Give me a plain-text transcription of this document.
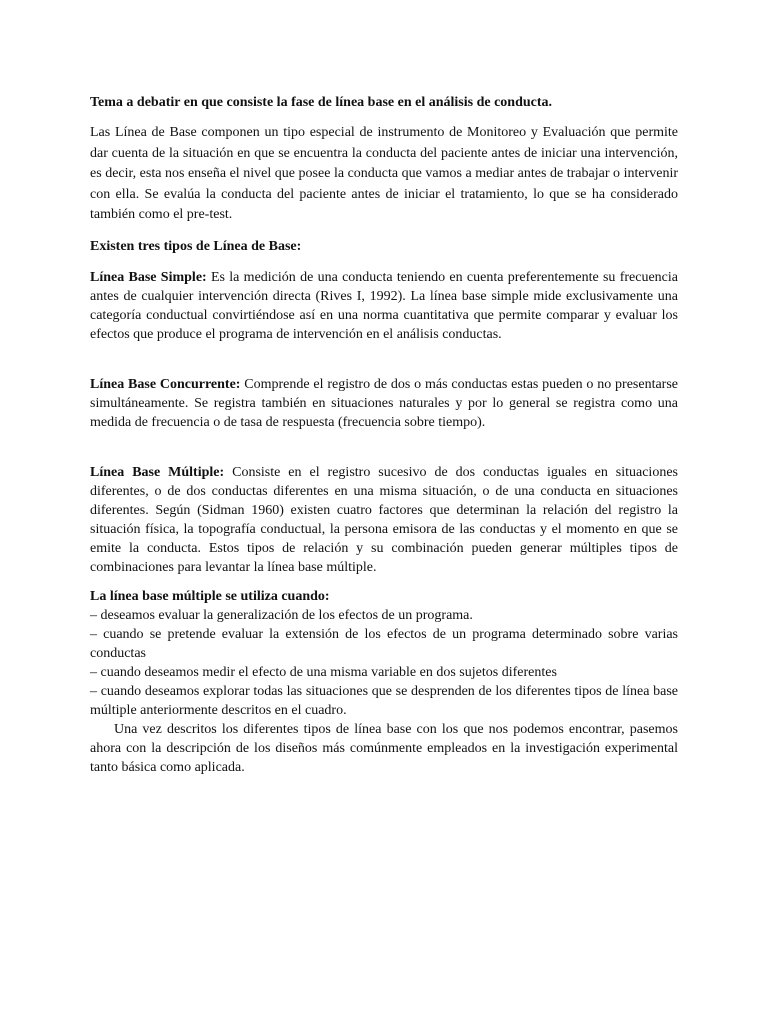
Tema a debatir en que consiste la fase de línea base en el análisis de conducta.

Las Línea de Base componen un tipo especial de instrumento de Monitoreo y Evaluación que permite dar cuenta de la situación en que se encuentra la conducta del paciente antes de iniciar una intervención, es decir, esta nos enseña el nivel que posee la conducta que vamos a mediar antes de trabajar o intervenir con ella. Se evalúa la conducta del paciente antes de iniciar el tratamiento, lo que se ha considerado también como el pre-test.

Existen tres tipos de Línea de Base:

Línea Base Simple: Es la medición de una conducta teniendo en cuenta preferentemente su frecuencia antes de cualquier intervención directa (Rives I, 1992). La línea base simple mide exclusivamente una categoría conductual convirtiéndose así en una norma cuantitativa que permite comparar y evaluar los efectos que produce el programa de intervención en el análisis conductas.

Línea Base Concurrente: Comprende el registro de dos o más conductas estas pueden o no presentarse simultáneamente. Se registra también en situaciones naturales y por lo general se registra como una medida de frecuencia o de tasa de respuesta (frecuencia sobre tiempo).

Línea Base Múltiple: Consiste en el registro sucesivo de dos conductas iguales en situaciones diferentes, o de dos conductas diferentes en una misma situación, o de una conducta en situaciones diferentes. Según (Sidman 1960) existen cuatro factores que determinan la relación del registro la situación física, la topografía conductual, la persona emisora de las conductas y el momento en que se emite la conducta. Estos tipos de relación y su combinación pueden generar múltiples tipos de combinaciones para levantar la línea base múltiple.

La línea base múltiple se utiliza cuando:

– deseamos evaluar la generalización de los efectos de un programa.

– cuando se pretende evaluar la extensión de los efectos de un programa determinado sobre varias conductas

– cuando deseamos medir el efecto de una misma variable en dos sujetos diferentes

– cuando deseamos explorar todas las situaciones que se desprenden de los diferentes tipos de línea base múltiple anteriormente descritos en el cuadro.

Una vez descritos los diferentes tipos de línea base con los que nos podemos encontrar, pasemos ahora con la descripción de los diseños más comúnmente empleados en la investigación experimental tanto básica como aplicada.
